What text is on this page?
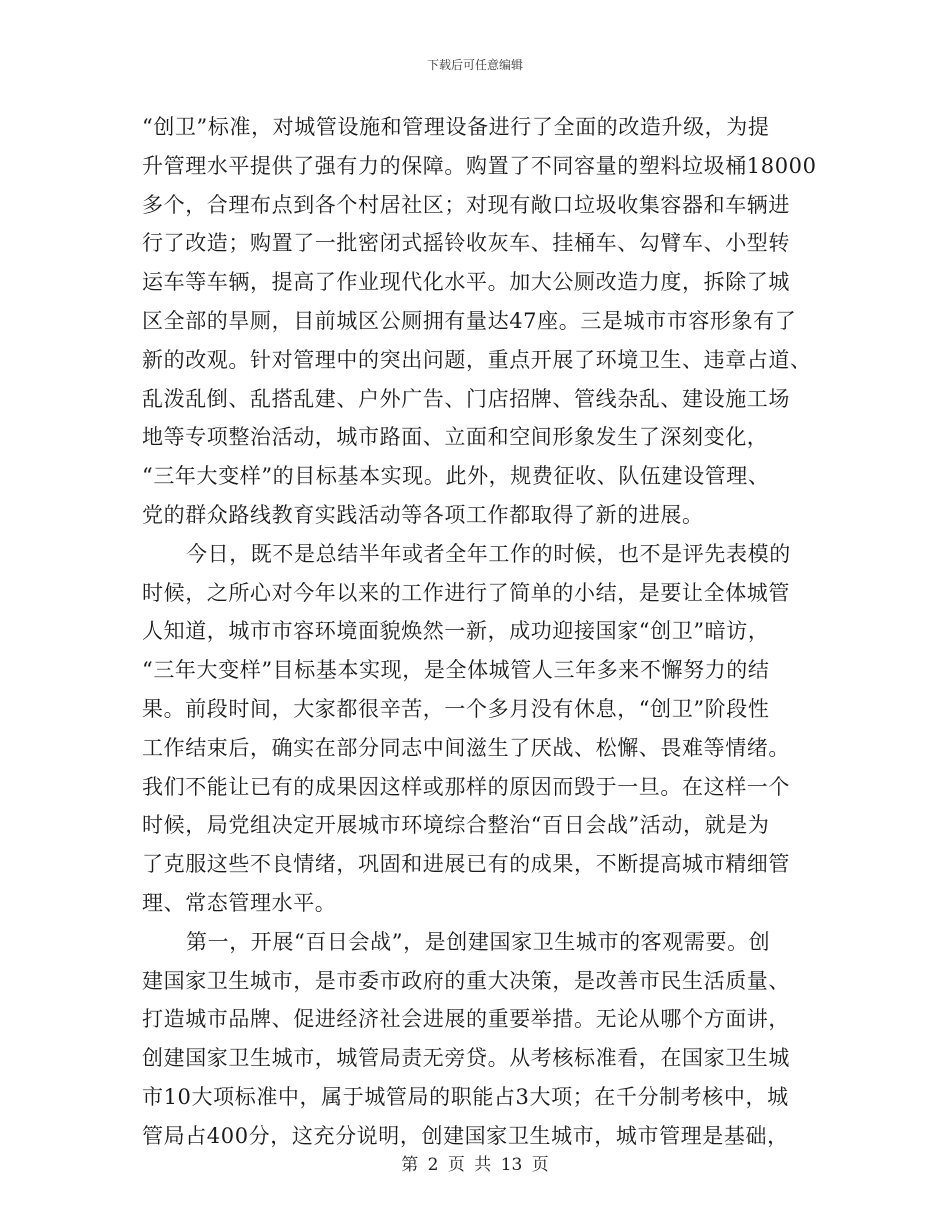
下载后可任意编辑
“创卫”标准，对城管设施和管理设备进行了全面的改造升级，为提
升管理水平提供了强有力的保障。购置了不同容量的塑料垃圾桶18000
多个，合理布点到各个村居社区；对现有敞口垃圾收集容器和车辆进
行了改造；购置了一批密闭式摇铃收灰车、挂桶车、勾臂车、小型转
运车等车辆，提高了作业现代化水平。加大公厕改造力度，拆除了城
区全部的旱厕，目前城区公厕拥有量达47座。三是城市市容形象有了
新的改观。针对管理中的突出问题，重点开展了环境卫生、违章占道、
乱泼乱倒、乱搭乱建、户外广告、门店招牌、管线杂乱、建设施工场
地等专项整治活动，城市路面、立面和空间形象发生了深刻变化，
“三年大变样”的目标基本实现。此外，规费征收、队伍建设管理、
党的群众路线教育实践活动等各项工作都取得了新的进展。
今日，既不是总结半年或者全年工作的时候，也不是评先表模的
时候，之所心对今年以来的工作进行了简单的小结，是要让全体城管
人知道，城市市容环境面貌焕然一新，成功迎接国家“创卫”暗访，
“三年大变样”目标基本实现，是全体城管人三年多来不懈努力的结
果。前段时间，大家都很辛苦，一个多月没有休息，“创卫”阶段性
工作结束后，确实在部分同志中间滋生了厌战、松懈、畏难等情绪。
我们不能让已有的成果因这样或那样的原因而毁于一旦。在这样一个
时候，局党组决定开展城市环境综合整治“百日会战”活动，就是为
了克服这些不良情绪，巩固和进展已有的成果，不断提高城市精细管
理、常态管理水平。
第一，开展“百日会战”，是创建国家卫生城市的客观需要。创
建国家卫生城市，是市委市政府的重大决策，是改善市民生活质量、
打造城市品牌、促进经济社会进展的重要举措。无论从哪个方面讲，
创建国家卫生城市，城管局责无旁贷。从考核标准看，在国家卫生城
市10大项标准中，属于城管局的职能占3大项；在千分制考核中，城
管局占400分，这充分说明，创建国家卫生城市，城市管理是基础，
第 2 页 共 13 页
